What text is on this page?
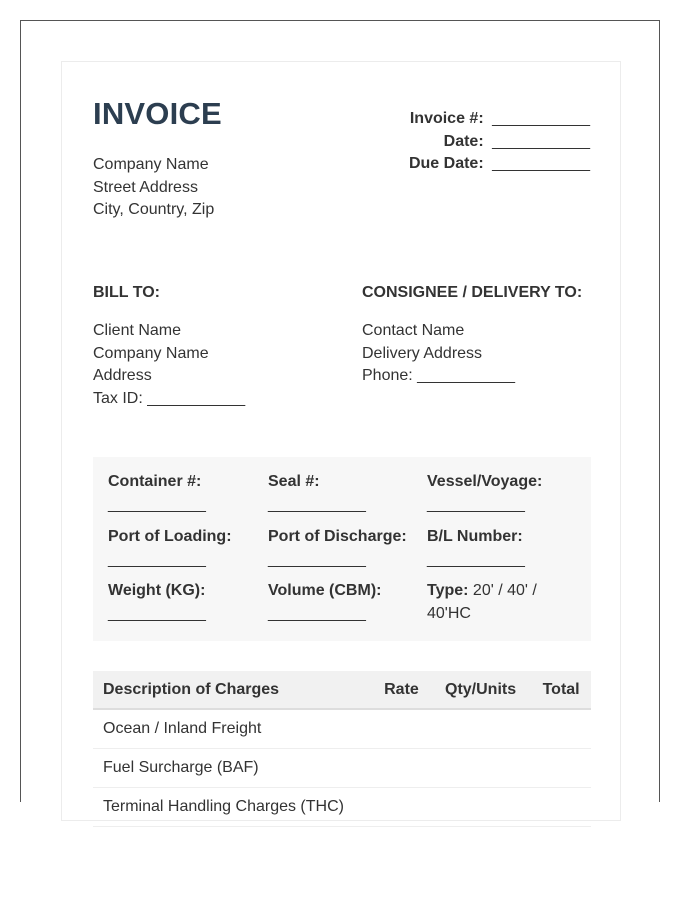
INVOICE
Company Name
Street Address
City, Country, Zip
Invoice #: ___________
Date: ___________
Due Date: ___________
BILL TO:
Client Name
Company Name
Address
Tax ID: ___________
CONSIGNEE / DELIVERY TO:
Contact Name
Delivery Address
Phone: ___________
Container #:
___________
Seal #:
___________
Vessel/Voyage:
___________
Port of Loading:
___________
Port of Discharge:
___________
B/L Number:
___________
Weight (KG):
___________
Volume (CBM):
___________
Type: 20' / 40' / 40'HC
Description of Charges	Rate	Qty/Units	Total
Ocean / Inland Freight			
Fuel Surcharge (BAF)			
Terminal Handling Charges (THC)			
